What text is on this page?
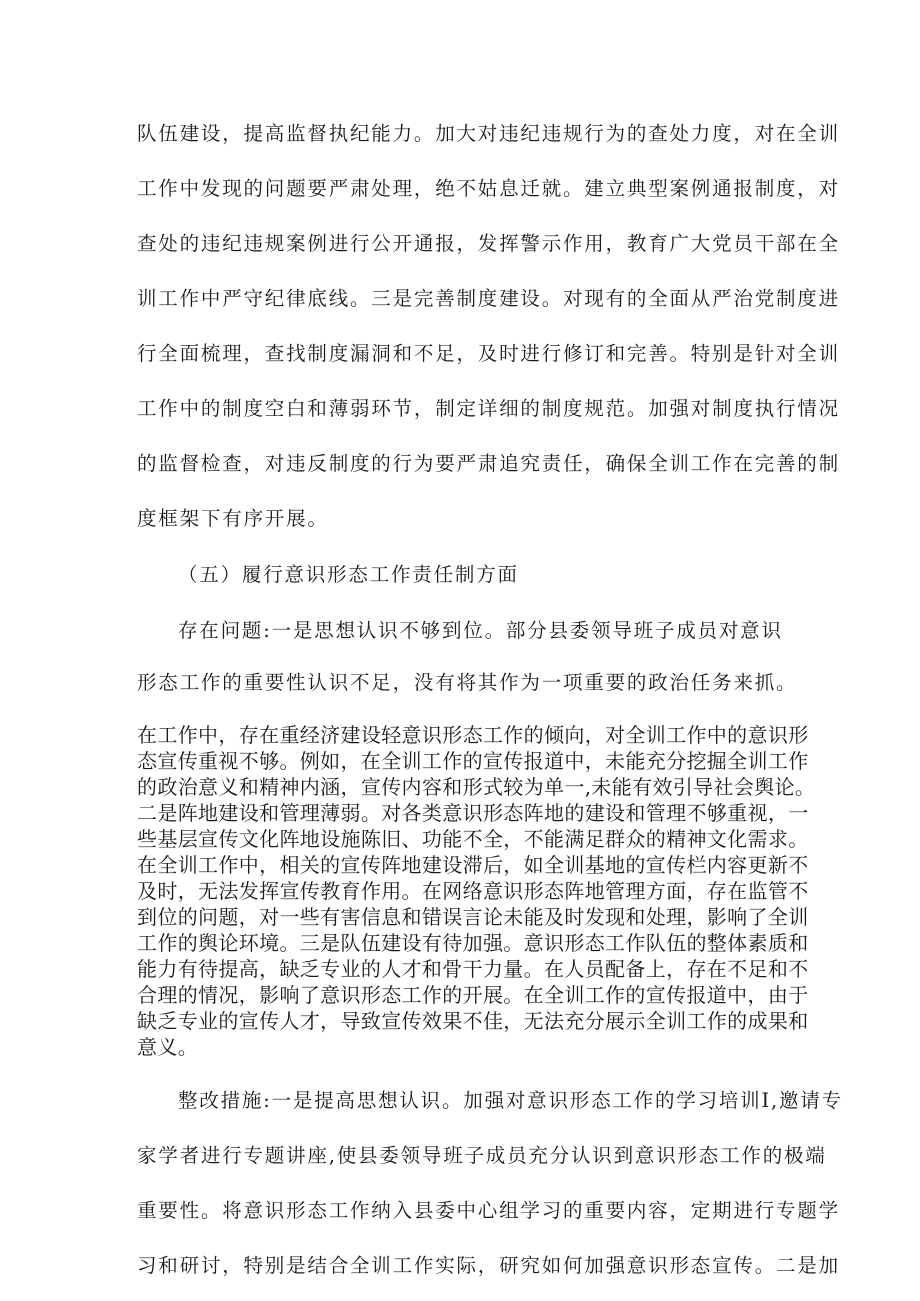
队伍建设，提高监督执纪能力。加大对违纪违规行为的查处力度，对在全训

工作中发现的问题要严肃处理，绝不姑息迁就。建立典型案例通报制度，对

查处的违纪违规案例进行公开通报，发挥警示作用，教育广大党员干部在全

训工作中严守纪律底线。三是完善制度建设。对现有的全面从严治党制度进

行全面梳理，查找制度漏洞和不足，及时进行修订和完善。特别是针对全训

工作中的制度空白和薄弱环节，制定详细的制度规范。加强对制度执行情况

的监督检查，对违反制度的行为要严肃追究责任，确保全训工作在完善的制

度框架下有序开展。

（五）履行意识形态工作责任制方面

存在问题:一是思想认识不够到位。部分县委领导班子成员对意识

形态工作的重要性认识不足，没有将其作为一项重要的政治任务来抓。

在工作中，存在重经济建设轻意识形态工作的倾向，对全训工作中的意识形

态宣传重视不够。例如，在全训工作的宣传报道中，未能充分挖掘全训工作

的政治意义和精神内涵，宣传内容和形式较为单一,未能有效引导社会舆论。

二是阵地建设和管理薄弱。对各类意识形态阵地的建设和管理不够重视，一

些基层宣传文化阵地设施陈旧、功能不全，不能满足群众的精神文化需求。

在全训工作中，相关的宣传阵地建设滞后，如全训基地的宣传栏内容更新不

及时，无法发挥宣传教育作用。在网络意识形态阵地管理方面，存在监管不

到位的问题，对一些有害信息和错误言论未能及时发现和处理，影响了全训

工作的舆论环境。三是队伍建设有待加强。意识形态工作队伍的整体素质和

能力有待提高，缺乏专业的人才和骨干力量。在人员配备上，存在不足和不

合理的情况，影响了意识形态工作的开展。在全训工作的宣传报道中，由于

缺乏专业的宣传人才，导致宣传效果不佳，无法充分展示全训工作的成果和

意义。

整改措施:一是提高思想认识。加强对意识形态工作的学习培训I,邀请专

家学者进行专题讲座,使县委领导班子成员充分认识到意识形态工作的极端

重要性。将意识形态工作纳入县委中心组学习的重要内容，定期进行专题学

习和研讨，特别是结合全训工作实际，研究如何加强意识形态宣传。二是加
